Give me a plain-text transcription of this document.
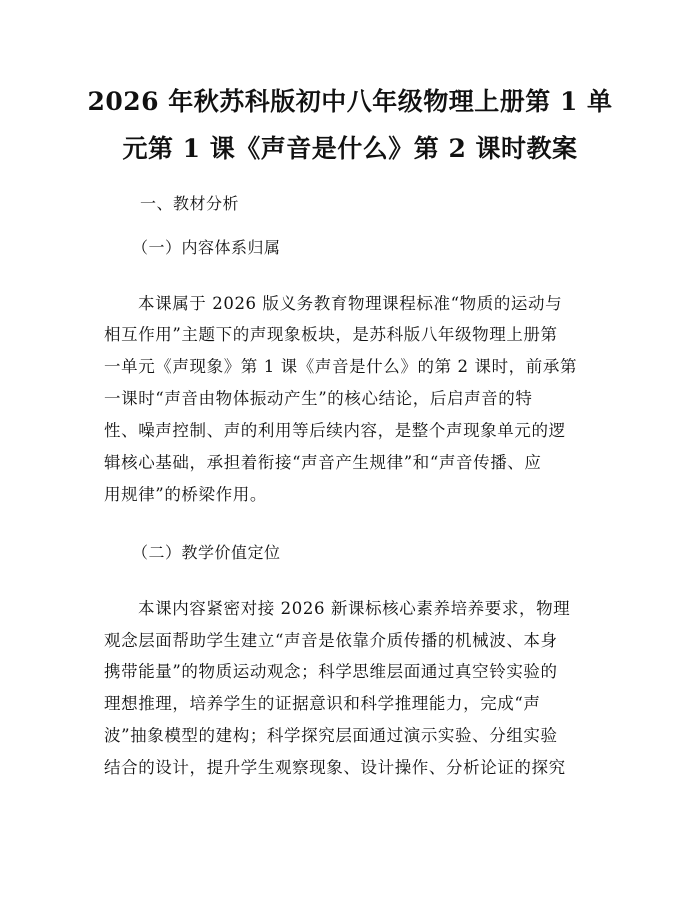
2026 年秋苏科版初中八年级物理上册第 1 单
元第 1 课《声音是什么》第 2 课时教案
一、教材分析
（一）内容体系归属
本课属于 2026 版义务教育物理课程标准“物质的运动与
相互作用”主题下的声现象板块，是苏科版八年级物理上册第
一单元《声现象》第 1 课《声音是什么》的第 2 课时，前承第
一课时“声音由物体振动产生”的核心结论，后启声音的特
性、噪声控制、声的利用等后续内容，是整个声现象单元的逻
辑核心基础，承担着衔接“声音产生规律”和“声音传播、应
用规律”的桥梁作用。
（二）教学价值定位
本课内容紧密对接 2026 新课标核心素养培养要求，物理
观念层面帮助学生建立“声音是依靠介质传播的机械波、本身
携带能量”的物质运动观念；科学思维层面通过真空铃实验的
理想推理，培养学生的证据意识和科学推理能力，完成“声
波”抽象模型的建构；科学探究层面通过演示实验、分组实验
结合的设计，提升学生观察现象、设计操作、分析论证的探究
